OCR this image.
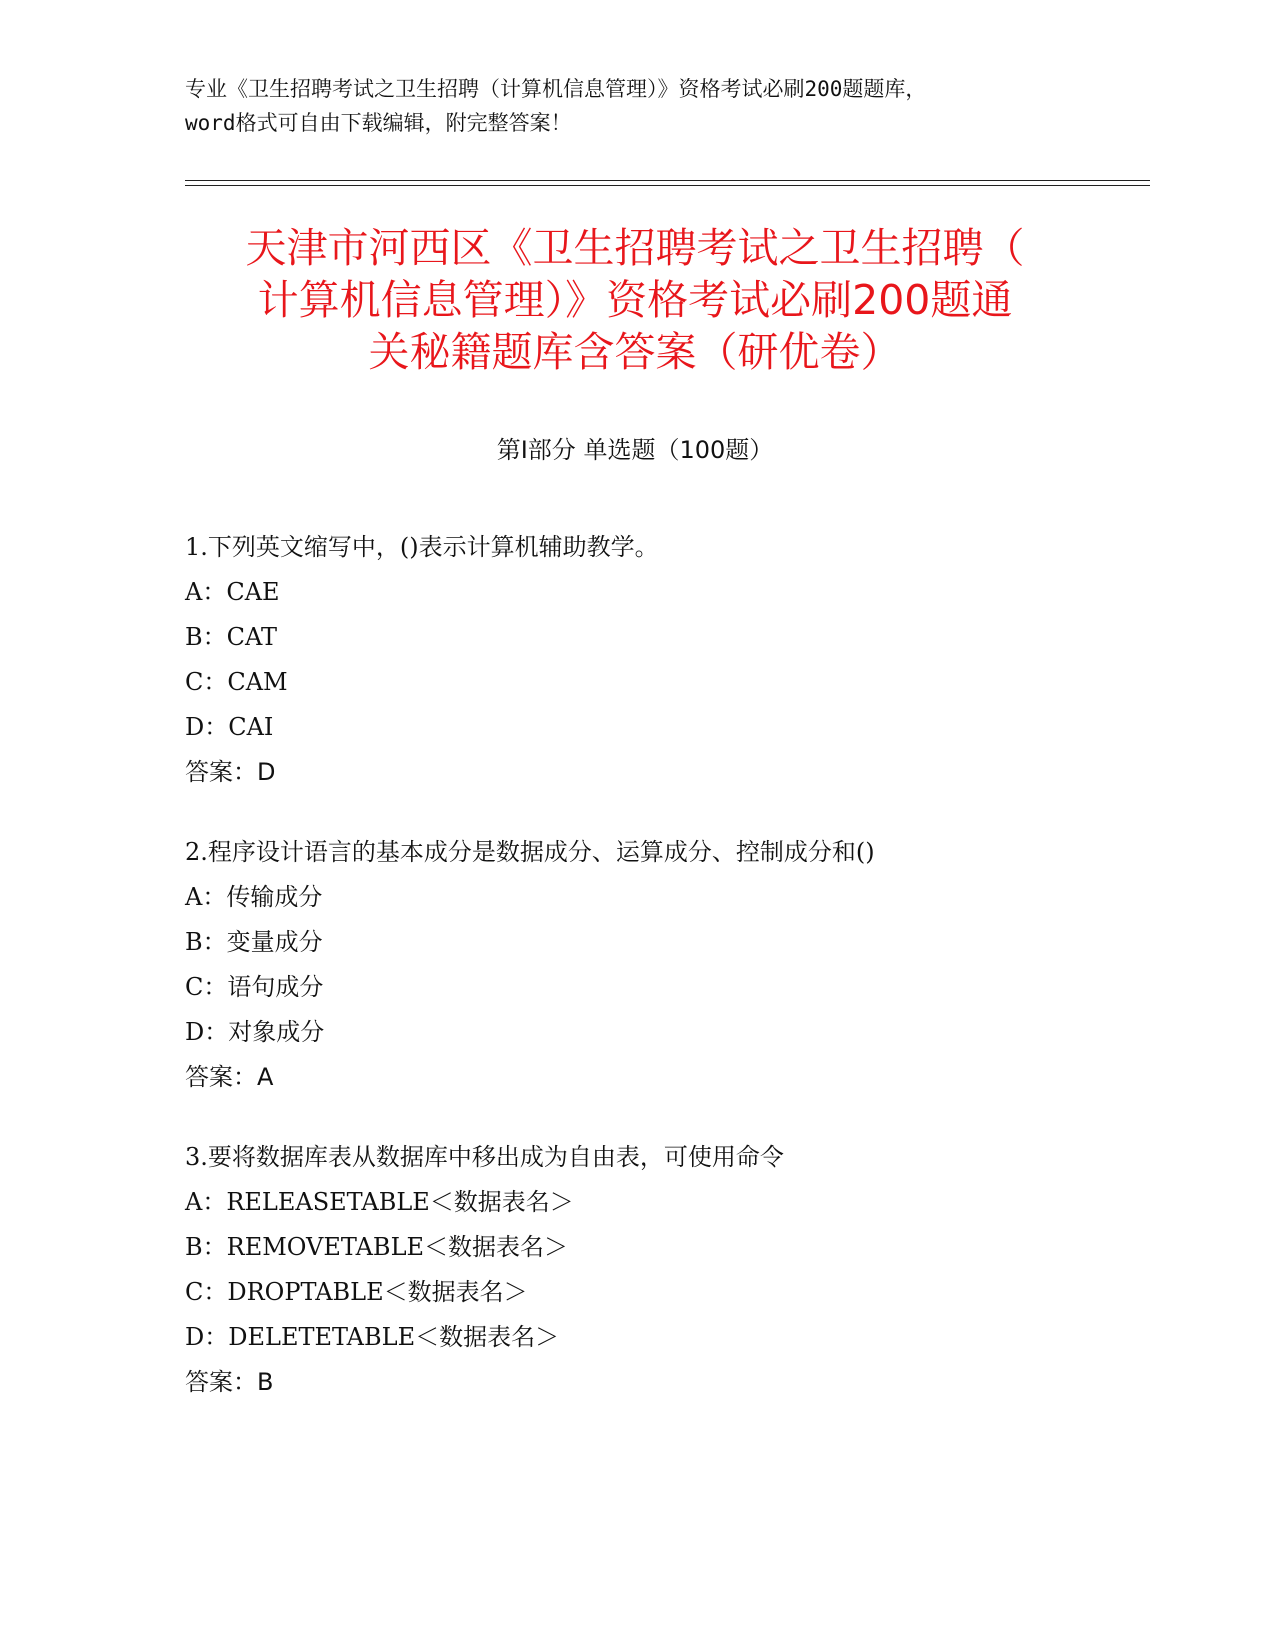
专业《卫生招聘考试之卫生招聘（计算机信息管理）》资格考试必刷200题题库，
word格式可自由下载编辑，附完整答案！
天津市河西区《卫生招聘考试之卫生招聘（
计算机信息管理）》资格考试必刷200题通
关秘籍题库含答案（研优卷）
第Ⅰ部分 单选题（100题）
1.下列英文缩写中，()表示计算机辅助教学。
A：CAE
B：CAT
C：CAM
D：CAI
答案：D
2.程序设计语言的基本成分是数据成分、运算成分、控制成分和()
A：传输成分
B：变量成分
C：语句成分
D：对象成分
答案：A
3.要将数据库表从数据库中移出成为自由表，可使用命令
A：RELEASETABLE＜数据表名＞
B：REMOVETABLE＜数据表名＞
C：DROPTABLE＜数据表名＞
D：DELETETABLE＜数据表名＞
答案：B
